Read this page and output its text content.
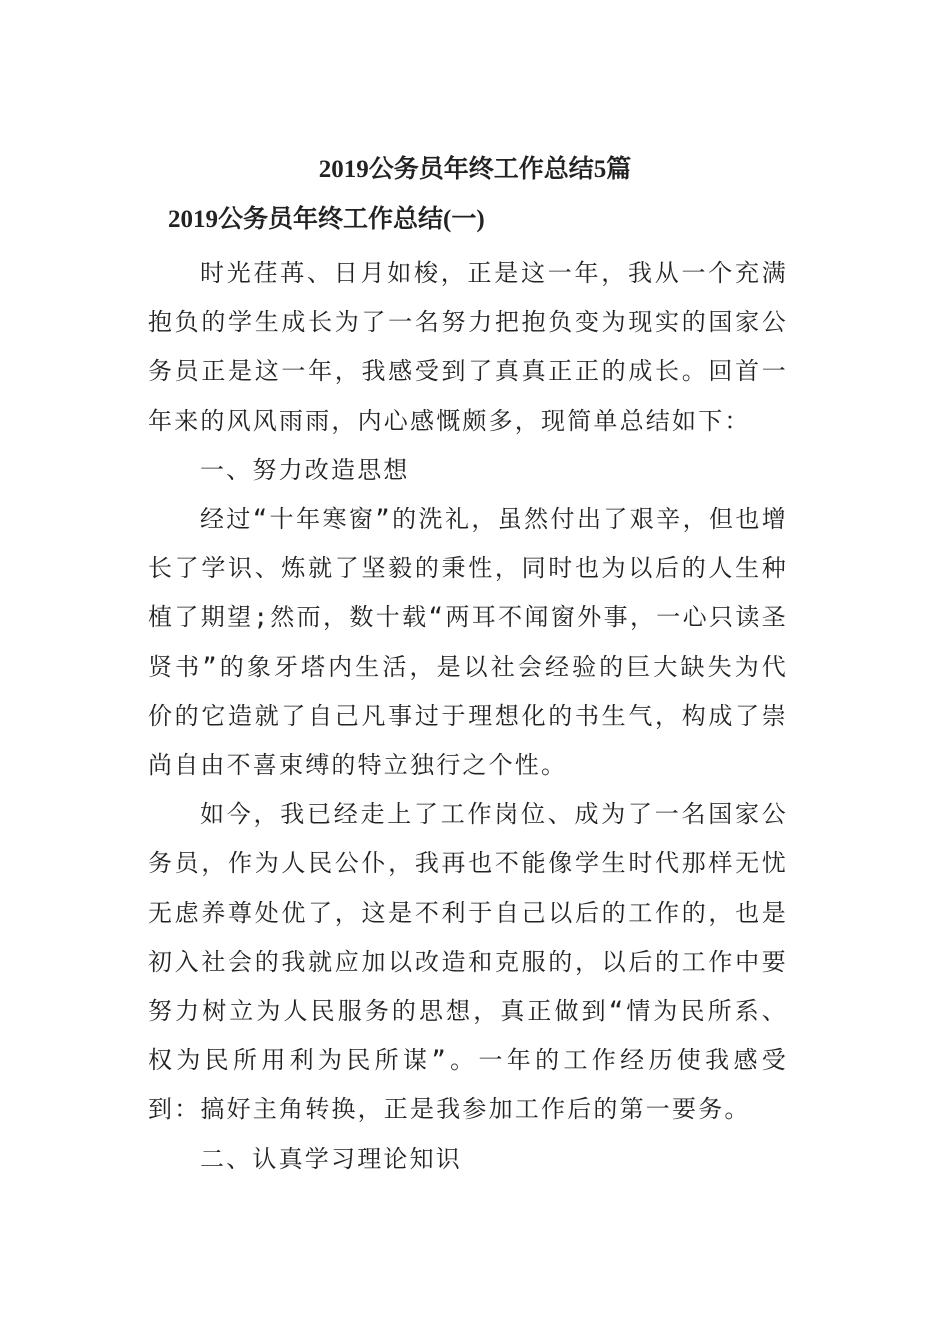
2019公务员年终工作总结5篇
2019公务员年终工作总结(一)

时光荏苒、日月如梭，正是这一年，我从一个充满抱负的学生成长为了一名努力把抱负变为现实的国家公务员正是这一年，我感受到了真真正正的成长。回首一年来的风风雨雨，内心感慨颇多，现简单总结如下：

一、努力改造思想

经过“十年寒窗”的洗礼，虽然付出了艰辛，但也增长了学识、炼就了坚毅的秉性，同时也为以后的人生种植了期望;然而，数十载“两耳不闻窗外事，一心只读圣贤书”的象牙塔内生活，是以社会经验的巨大缺失为代价的它造就了自己凡事过于理想化的书生气，构成了崇尚自由不喜束缚的特立独行之个性。

如今，我已经走上了工作岗位、成为了一名国家公务员，作为人民公仆，我再也不能像学生时代那样无忧无虑养尊处优了，这是不利于自己以后的工作的，也是初入社会的我就应加以改造和克服的，以后的工作中要努力树立为人民服务的思想，真正做到“情为民所系、权为民所用利为民所谋”。一年的工作经历使我感受到：搞好主角转换，正是我参加工作后的第一要务。

二、认真学习理论知识
